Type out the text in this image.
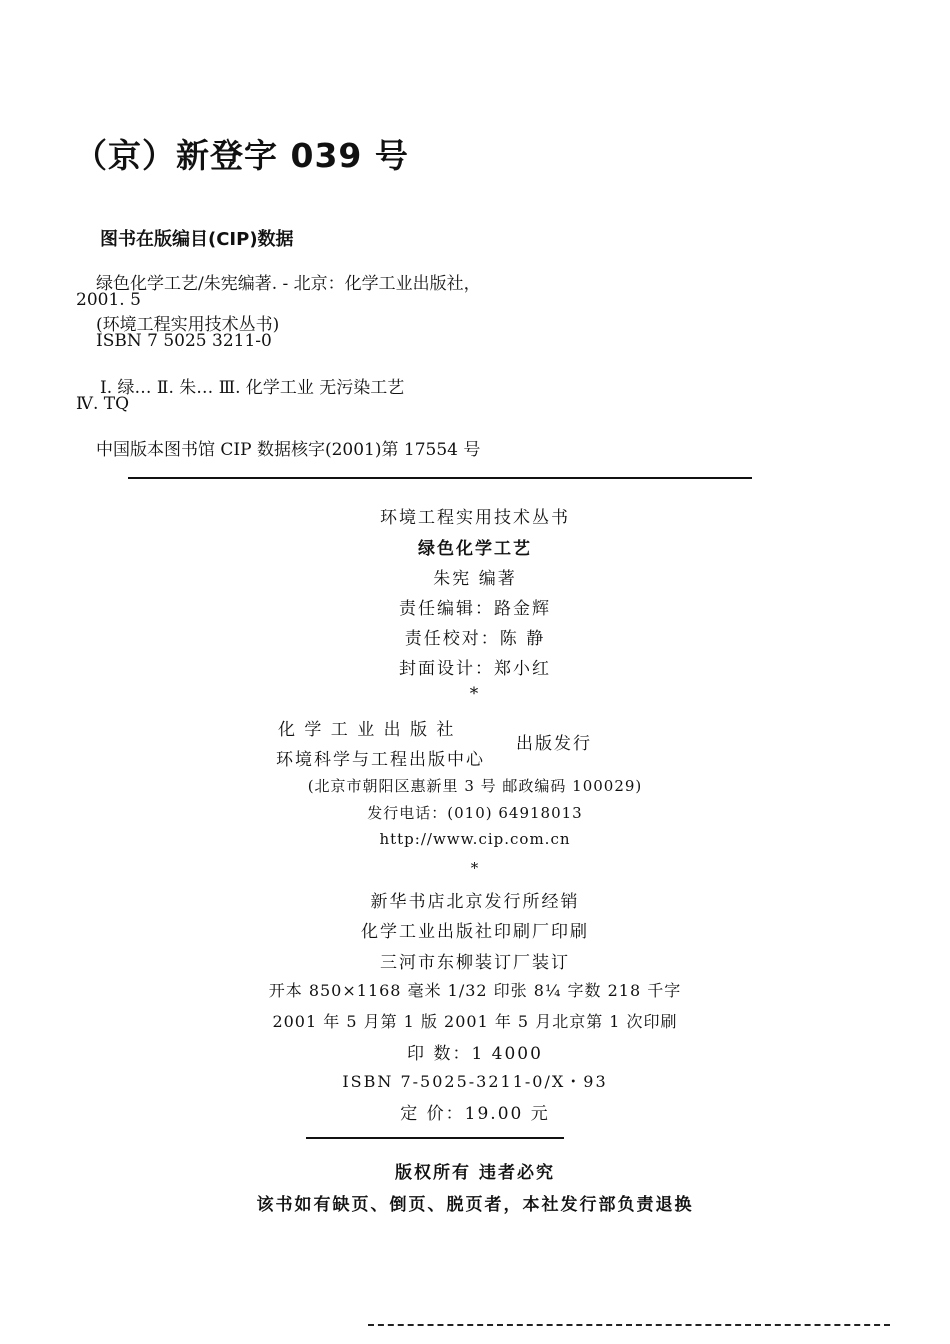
（京）新登字 039 号
图书在版编目(CIP)数据
绿色化学工艺/朱宪编著. - 北京：化学工业出版社，
2001. 5
(环境工程实用技术丛书)
ISBN 7 5025 3211-0
Ⅰ. 绿… Ⅱ. 朱… Ⅲ. 化学工业 无污染工艺
Ⅳ. TQ
中国版本图书馆 CIP 数据核字(2001)第 17554 号
环境工程实用技术丛书
绿色化学工艺
朱宪 编著
责任编辑：路金辉
责任校对：陈 静
封面设计：郑小红
*
化 学 工 业 出 版 社
环境科学与工程出版中心
出版发行
(北京市朝阳区惠新里 3 号 邮政编码 100029)
发行电话：(010) 64918013
http://www.cip.com.cn
*
新华书店北京发行所经销
化学工业出版社印刷厂印刷
三河市东柳装订厂装订
开本 850×1168 毫米 1/32 印张 8¼ 字数 218 千字
2001 年 5 月第 1 版 2001 年 5 月北京第 1 次印刷
印 数：1 4000
ISBN 7-5025-3211-0/X・93
定 价：19.00 元
版权所有 违者必究
该书如有缺页、倒页、脱页者，本社发行部负责退换
